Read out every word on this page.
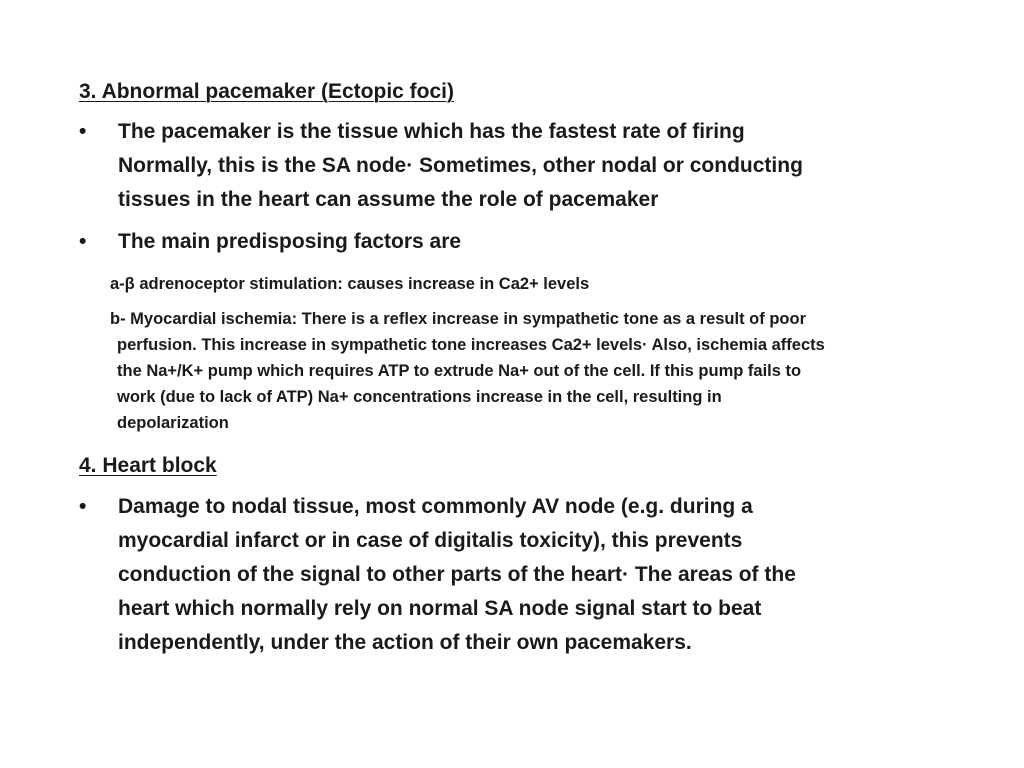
3. Abnormal pacemaker (Ectopic foci)
•	The pacemaker is the tissue which has the fastest rate of firing
Normally, this is the SA node· Sometimes, other nodal or conducting
tissues in the heart can assume the role of pacemaker
•	The main predisposing factors are
a-β adrenoceptor stimulation: causes increase in Ca2+ levels
b- Myocardial ischemia: There is a reflex increase in sympathetic tone as a result of poor
perfusion. This increase in sympathetic tone increases Ca2+ levels· Also, ischemia affects
the Na+/K+ pump which requires ATP to extrude Na+ out of the cell. If this pump fails to
work (due to lack of ATP) Na+ concentrations increase in the cell, resulting in
depolarization
4. Heart block
•	Damage to nodal tissue, most commonly AV node (e.g. during a
myocardial infarct or in case of digitalis toxicity), this prevents
conduction of the signal to other parts of the heart· The areas of the
heart which normally rely on normal SA node signal start to beat
independently, under the action of their own pacemakers.
